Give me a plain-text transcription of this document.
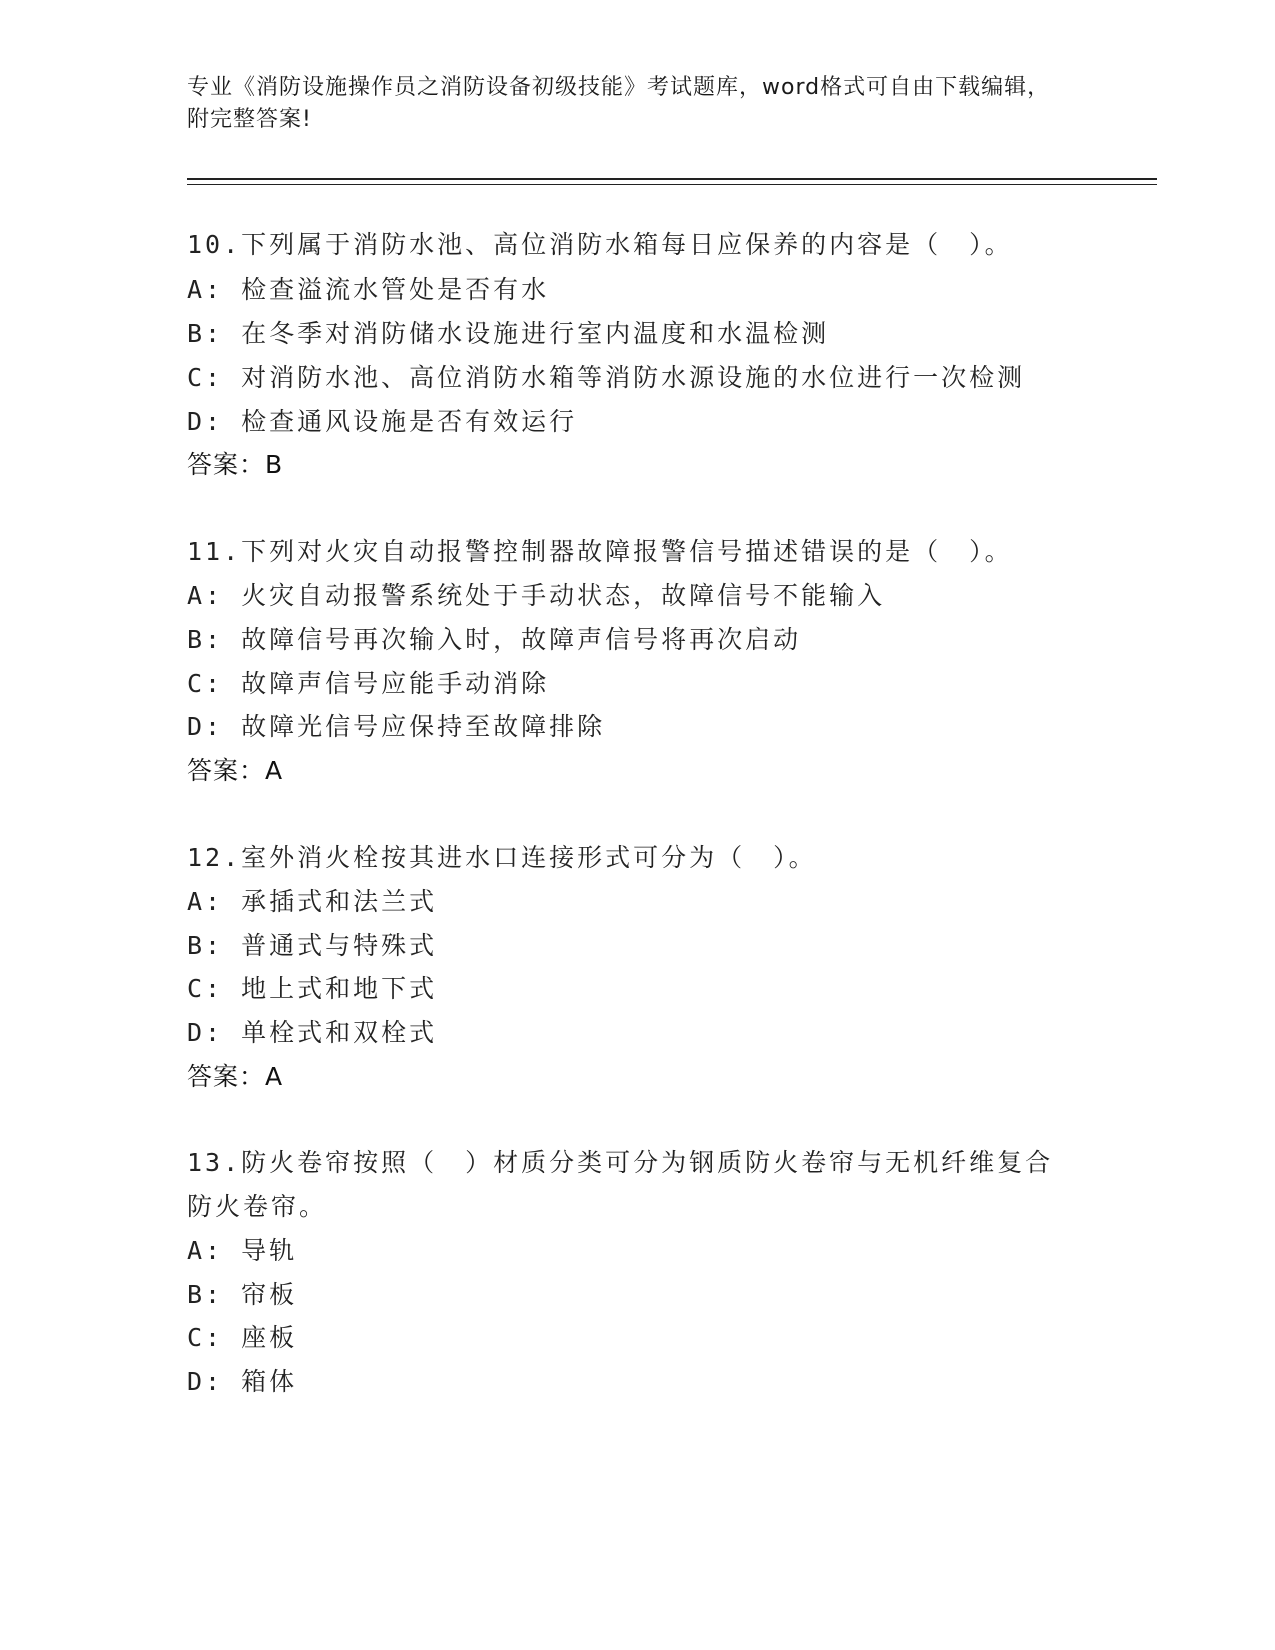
专业《消防设施操作员之消防设备初级技能》考试题库，word格式可自由下载编辑，附完整答案!
10.下列属于消防水池、高位消防水箱每日应保养的内容是（　）。
A: 检查溢流水管处是否有水
B: 在冬季对消防储水设施进行室内温度和水温检测
C: 对消防水池、高位消防水箱等消防水源设施的水位进行一次检测
D: 检查通风设施是否有效运行
答案：B
11.下列对火灾自动报警控制器故障报警信号描述错误的是（　）。
A: 火灾自动报警系统处于手动状态，故障信号不能输入
B: 故障信号再次输入时，故障声信号将再次启动
C: 故障声信号应能手动消除
D: 故障光信号应保持至故障排除
答案：A
12.室外消火栓按其进水口连接形式可分为（　）。
A: 承插式和法兰式
B: 普通式与特殊式
C: 地上式和地下式
D: 单栓式和双栓式
答案：A
13.防火卷帘按照（　）材质分类可分为钢质防火卷帘与无机纤维复合
防火卷帘。
A: 导轨
B: 帘板
C: 座板
D: 箱体
